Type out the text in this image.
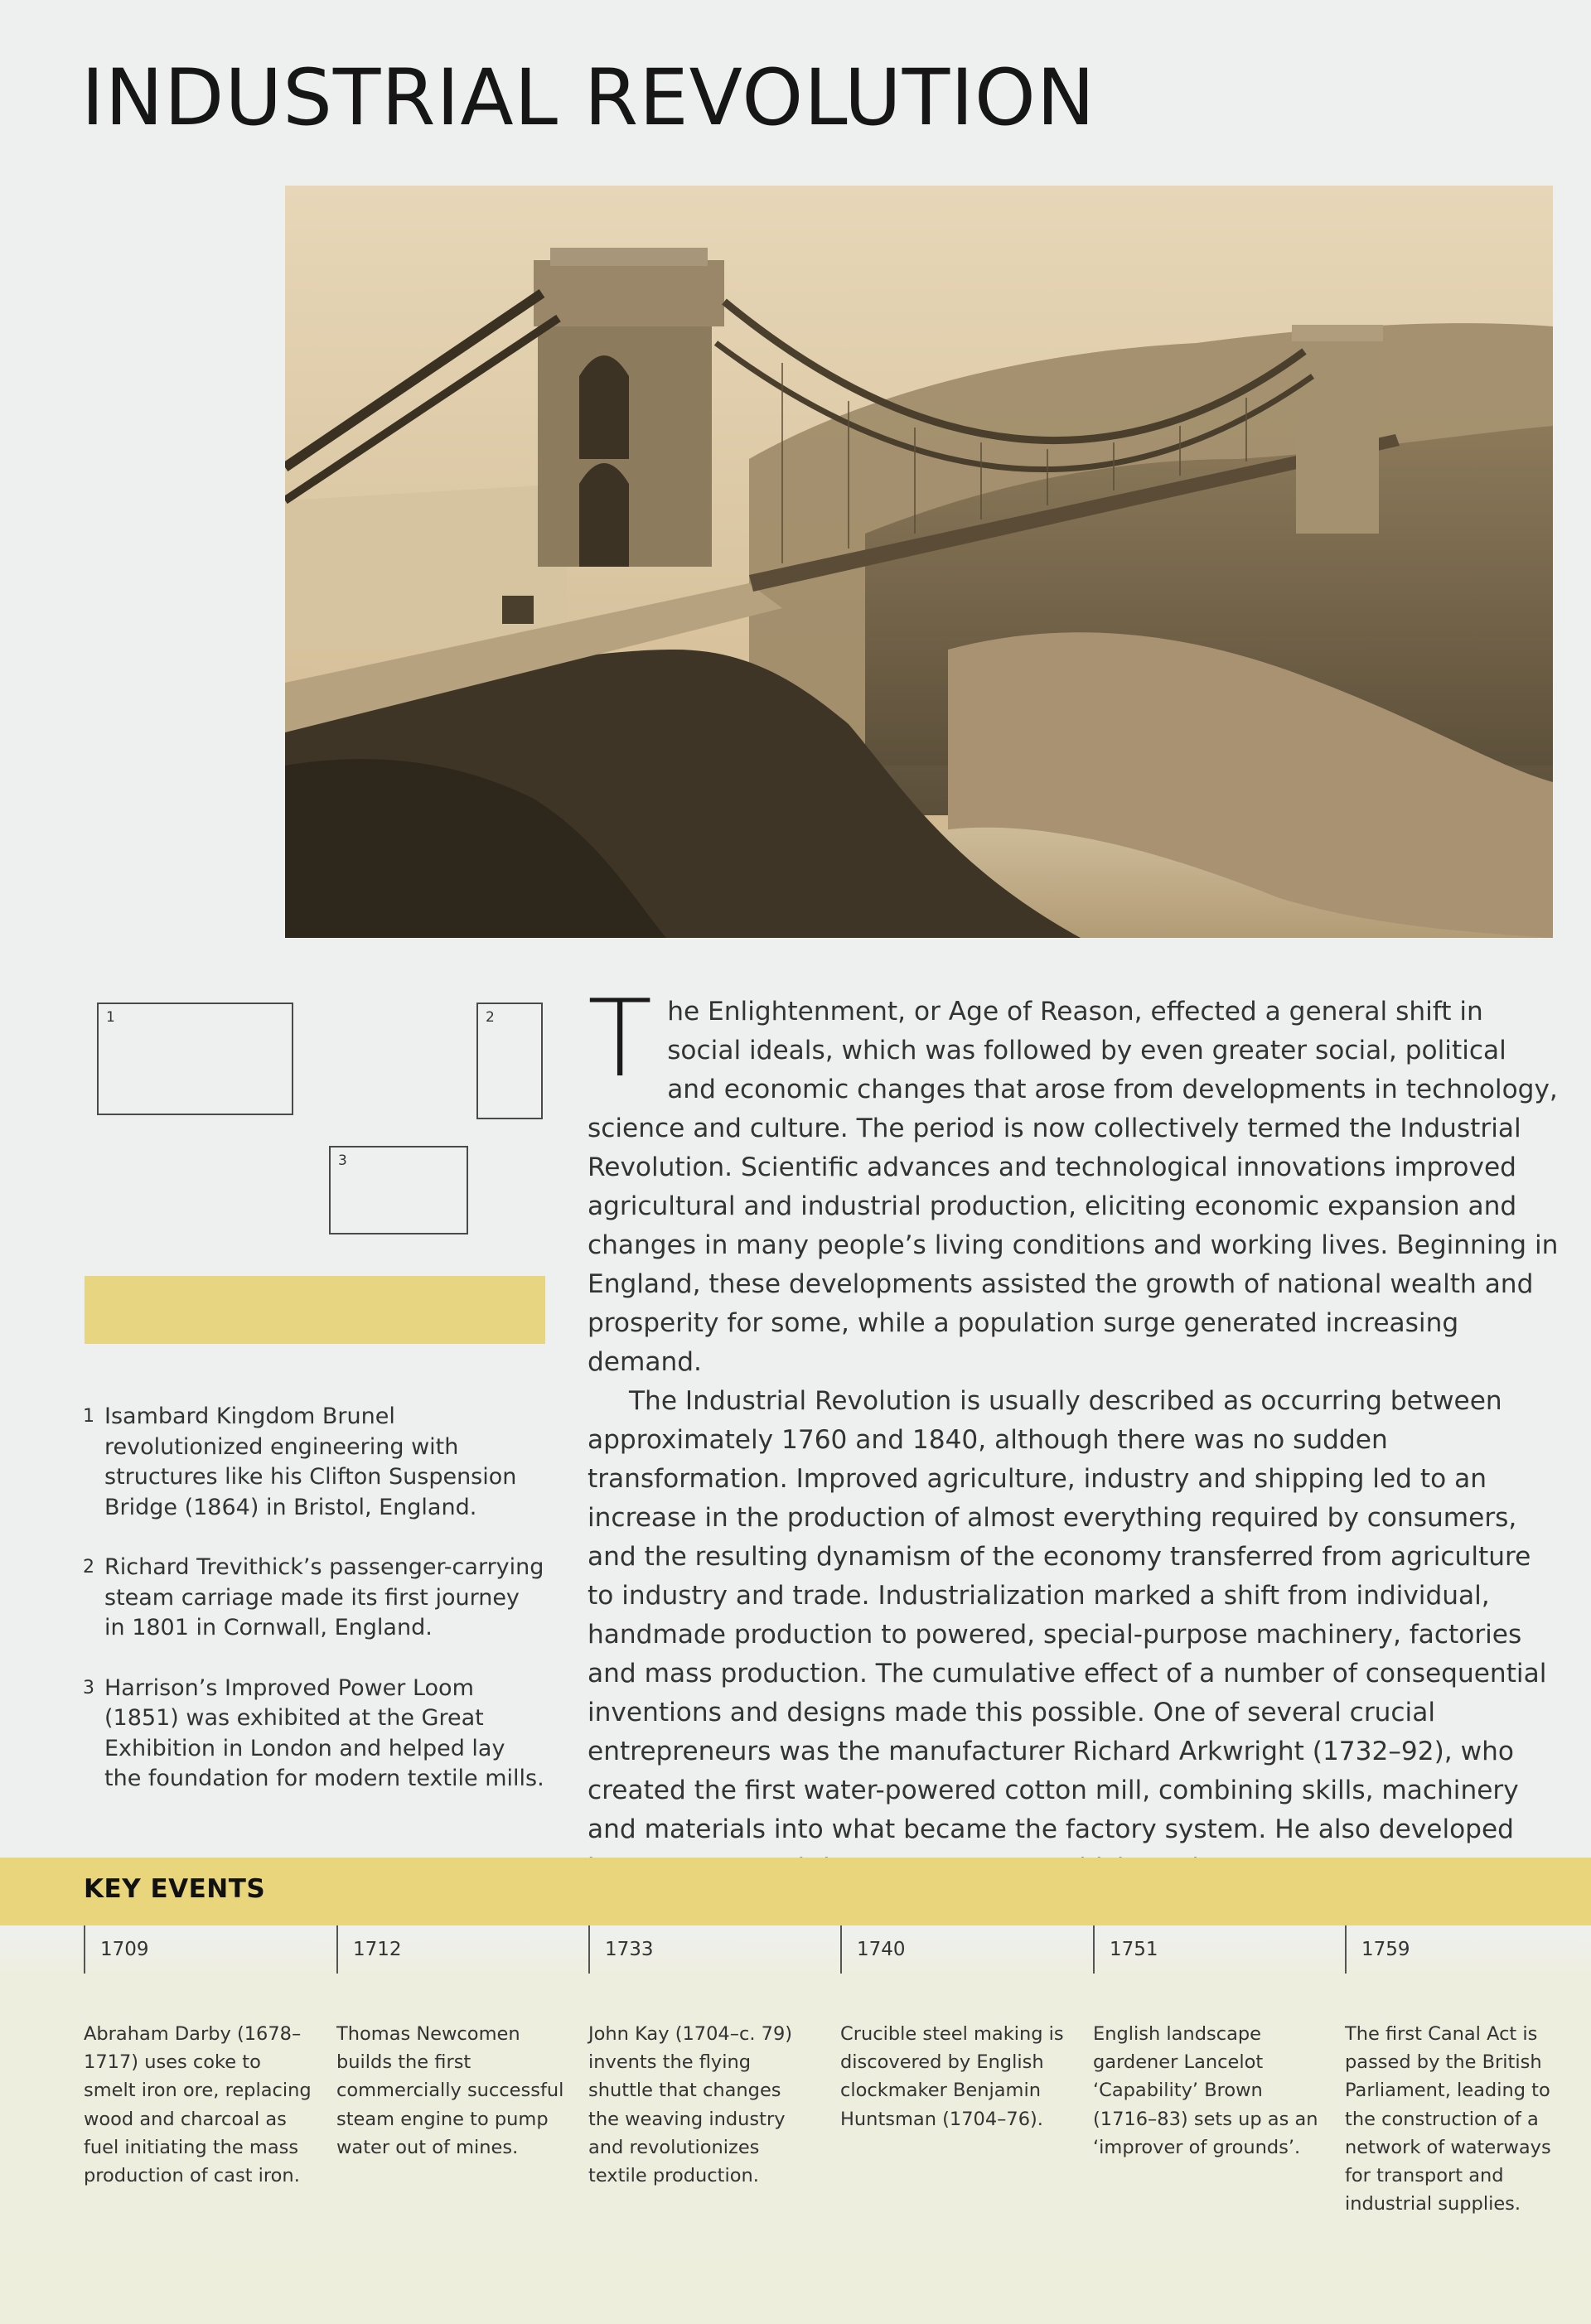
INDUSTRIAL REVOLUTION
1	2
3
1 Isambard Kingdom Brunel revolutionized engineering with structures like his Clifton Suspension Bridge (1864) in Bristol, England.
2 Richard Trevithick’s passenger-carrying steam carriage made its first journey in 1801 in Cornwall, England.
3 Harrison’s Improved Power Loom (1851) was exhibited at the Great Exhibition in London and helped lay the foundation for modern textile mills.

The Enlightenment, or Age of Reason, effected a general shift in social ideals, which was followed by even greater social, political and economic changes that arose from developments in technology, science and culture. The period is now collectively termed the Industrial Revolution. Scientific advances and technological innovations improved agricultural and industrial production, eliciting economic expansion and changes in many people’s living conditions and working lives. Beginning in England, these developments assisted the growth of national wealth and prosperity for some, while a population surge generated increasing demand.

The Industrial Revolution is usually described as occurring between approximately 1760 and 1840, although there was no sudden transformation. Improved agriculture, industry and shipping led to an increase in the production of almost everything required by consumers, and the resulting dynamism of the economy transferred from agriculture to industry and trade. Industrialization marked a shift from individual, handmade production to powered, special-purpose machinery, factories and mass production. The cumulative effect of a number of consequential inventions and designs made this possible. One of several crucial entrepreneurs was the manufacturer Richard Arkwright (1732–92), who created the first water-powered cotton mill, combining skills, machinery and materials into what became the factory system. He also developed

KEY EVENTS
1709
Abraham Darby (1678–1717) uses coke to smelt iron ore, replacing wood and charcoal as fuel initiating the mass production of cast iron.
1712
Thomas Newcomen builds the first commercially successful steam engine to pump water out of mines.
1733
John Kay (1704–c. 79) invents the flying shuttle that changes the weaving industry and revolutionizes textile production.
1740
Crucible steel making is discovered by English clockmaker Benjamin Huntsman (1704–76).
1751
English landscape gardener Lancelot ‘Capability’ Brown (1716–83) sets up as an ‘improver of grounds’.
1759
The first Canal Act is passed by the British Parliament, leading to the construction of a network of waterways for transport and industrial supplies.
